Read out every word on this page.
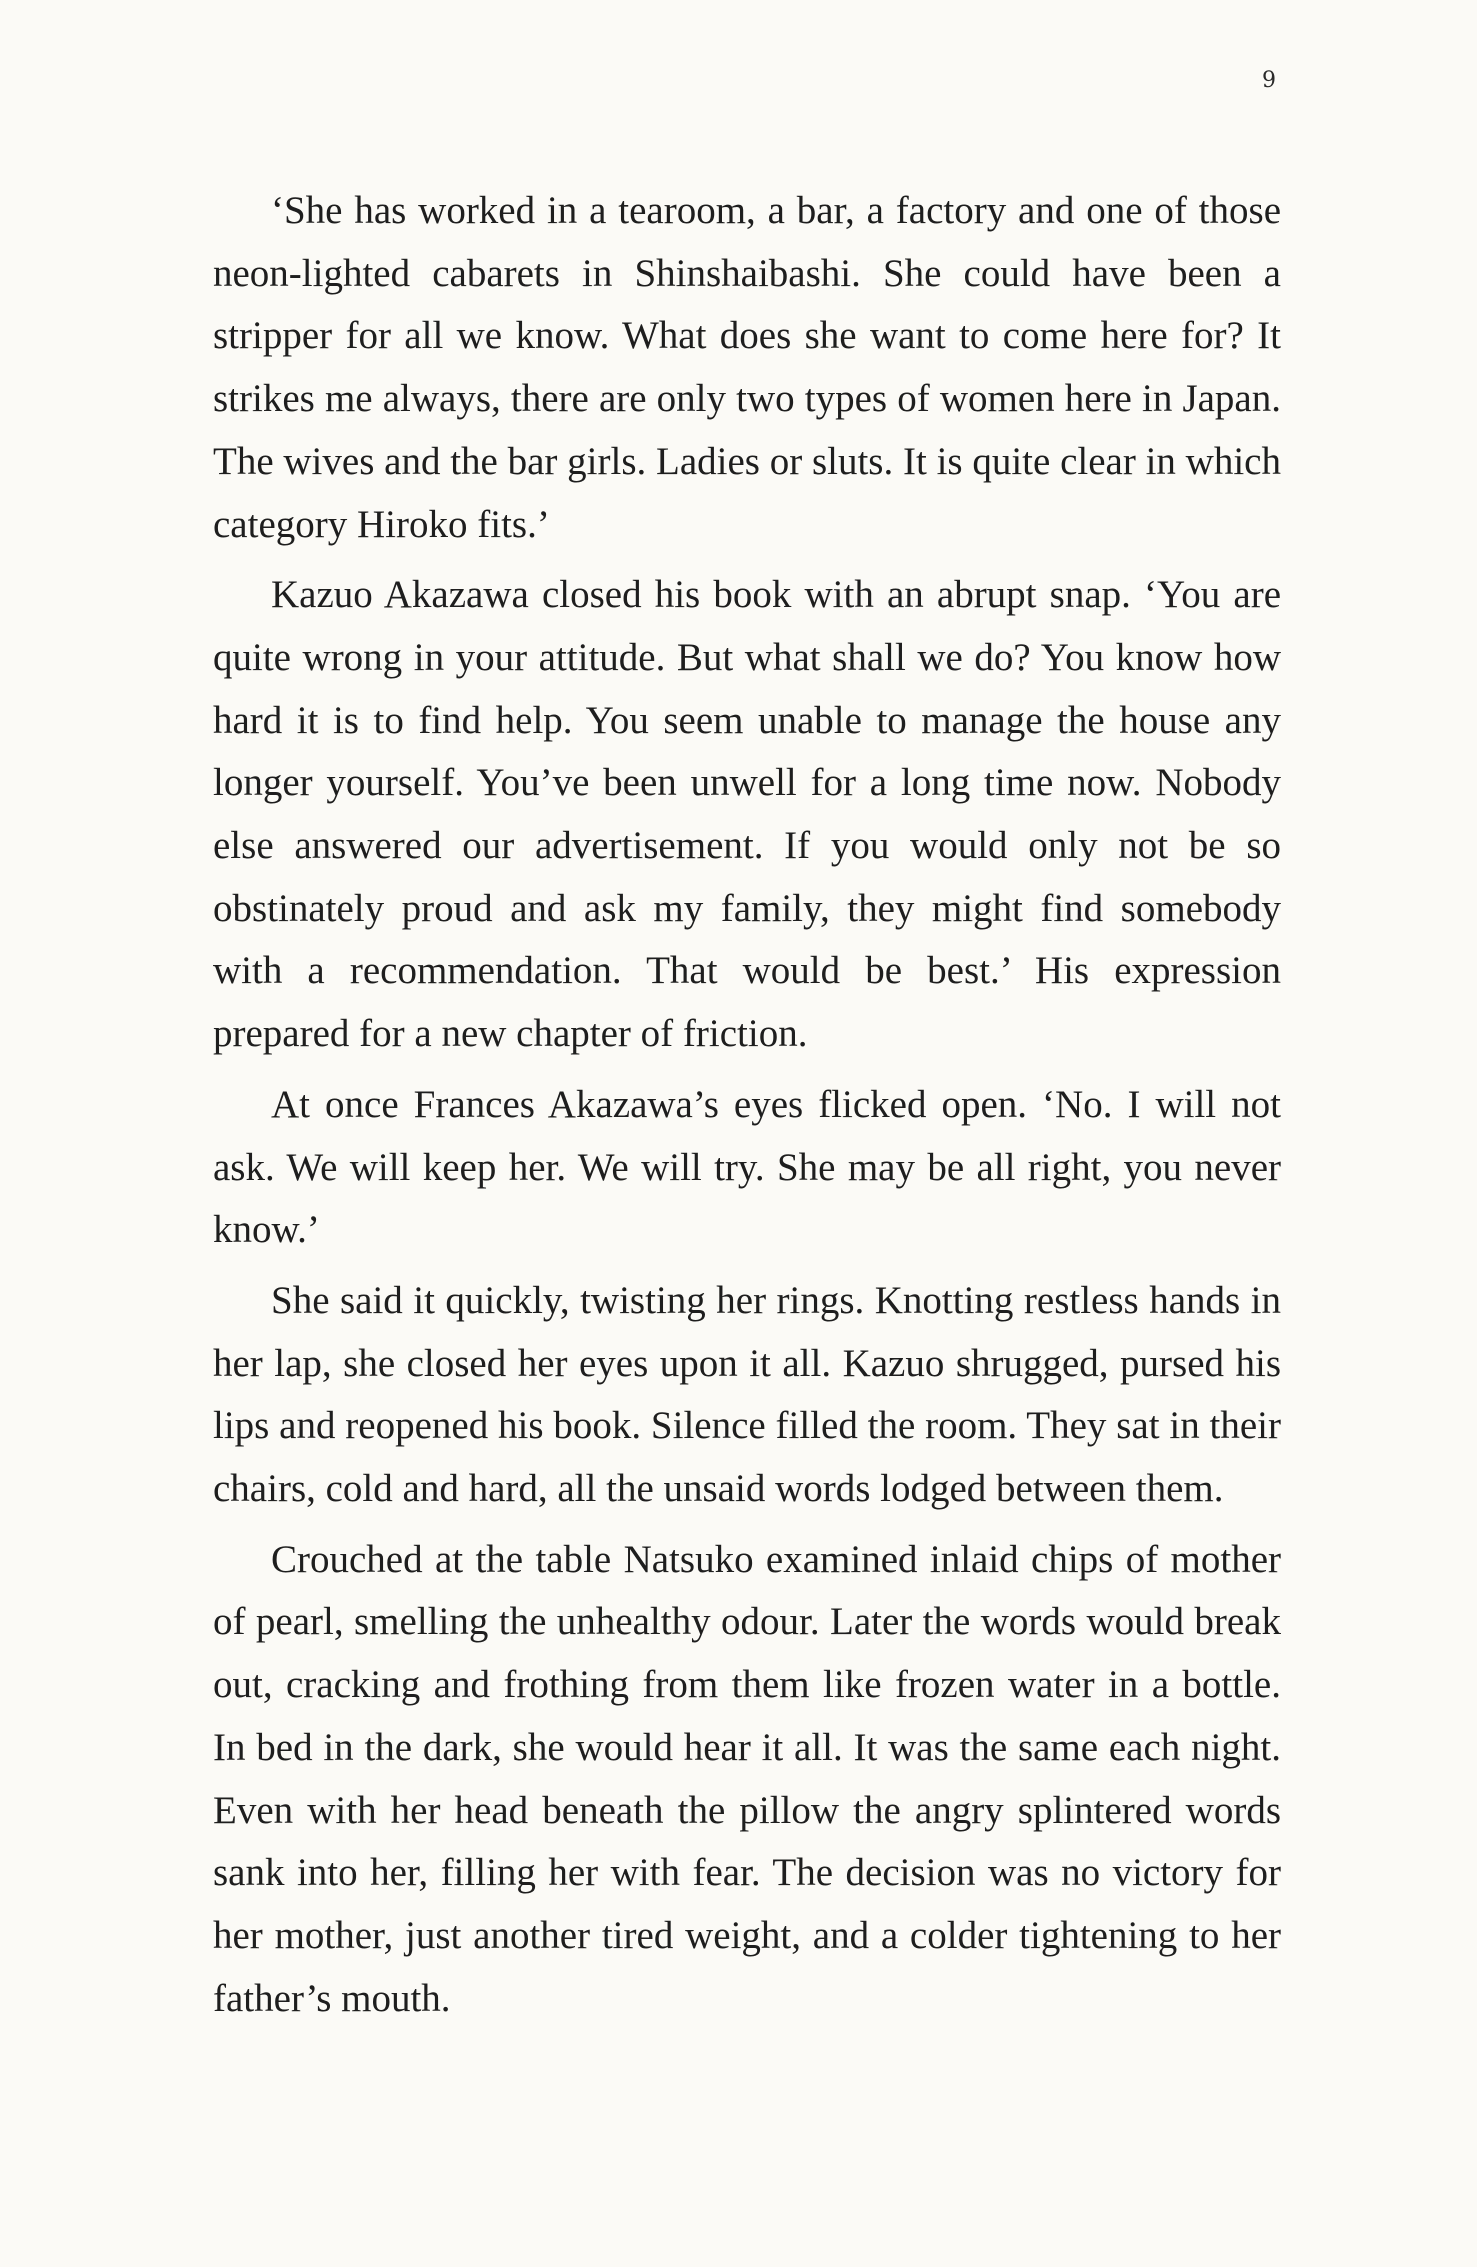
9

‘She has worked in a tearoom, a bar, a factory and one of those neon-lighted cabarets in Shinshaibashi. She could have been a stripper for all we know. What does she want to come here for? It strikes me always, there are only two types of women here in Japan. The wives and the bar girls. Ladies or sluts. It is quite clear in which category Hiroko fits.’

Kazuo Akazawa closed his book with an abrupt snap. ‘You are quite wrong in your attitude. But what shall we do? You know how hard it is to find help. You seem unable to manage the house any longer yourself. You’ve been unwell for a long time now. Nobody else answered our advertisement. If you would only not be so obstinately proud and ask my family, they might find somebody with a recommendation. That would be best.’ His expression prepared for a new chapter of friction.

At once Frances Akazawa’s eyes flicked open. ‘No. I will not ask. We will keep her. We will try. She may be all right, you never know.’

She said it quickly, twisting her rings. Knotting restless hands in her lap, she closed her eyes upon it all. Kazuo shrugged, pursed his lips and reopened his book. Silence filled the room. They sat in their chairs, cold and hard, all the unsaid words lodged between them.

Crouched at the table Natsuko examined inlaid chips of mother of pearl, smelling the unhealthy odour. Later the words would break out, cracking and frothing from them like frozen water in a bottle. In bed in the dark, she would hear it all. It was the same each night. Even with her head beneath the pillow the angry splintered words sank into her, filling her with fear. The decision was no victory for her mother, just another tired weight, and a colder tightening to her father’s mouth.
